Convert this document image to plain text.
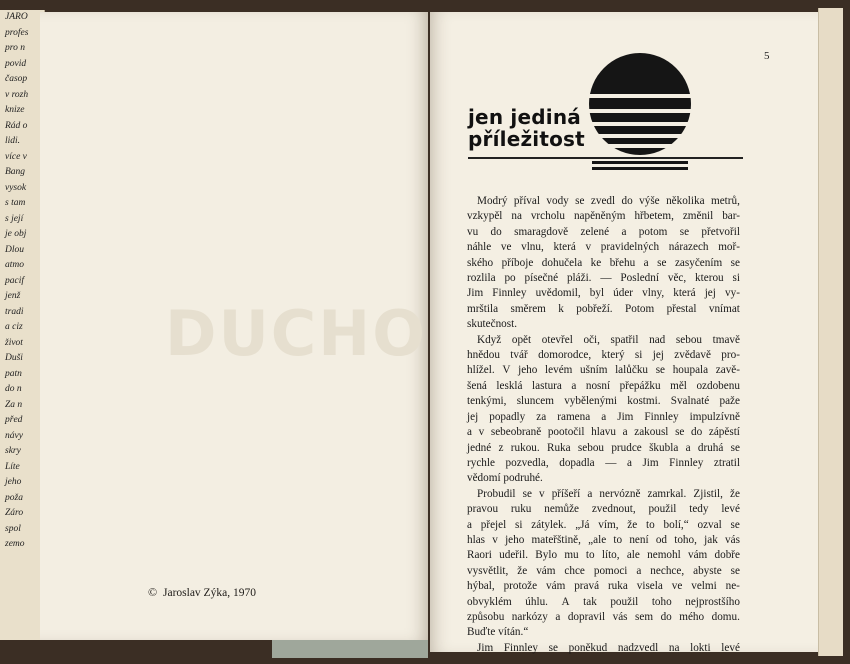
JARO
profes
pro n
povid
časop
v rozh
knize
Rád o
lidi.
více v
Bang
vysok
s tam
s její
je obj
Dlou
atmo
pacif
jenž
tradi
a ciz
život
Duši
patn
do n
Za n
před
návy
skry
Líte
jeho
poža
Záro
spol
zemo
DUCHO
© Jaroslav Zýka, 1970
5
jen jediná
příležitost
Modrý příval vody se zvedl do výše několika metrů,
vzkypěl na vrcholu napěněným hřbetem, změnil bar-
vu do smaragdově zelené a potom se přetvořil
náhle ve vlnu, která v pravidelných nárazech moř-
ského příboje dohučela ke břehu a se zasyčením se
rozlila po písečné pláži. — Poslední věc, kterou si
Jim Finnley uvědomil, byl úder vlny, která jej vy-
mrštila směrem k pobřeží. Potom přestal vnímat
skutečnost.
Když opět otevřel oči, spatřil nad sebou tmavě
hnědou tvář domorodce, který si jej zvědavě pro-
hlížel. V jeho levém ušním lalůčku se houpala zavě-
šená lesklá lastura a nosní přepážku měl ozdobenu
tenkými, sluncem vybělenými kostmi. Svalnaté paže
jej popadly za ramena a Jim Finnley impulzívně
a v sebeobraně pootočil hlavu a zakousl se do zápěstí
jedné z rukou. Ruka sebou prudce škubla a druhá se
rychle pozvedla, dopadla — a Jim Finnley ztratil
vědomí podruhé.
Probudil se v příšeří a nervózně zamrkal. Zjistil, že
pravou ruku nemůže zvednout, použil tedy levé
a přejel si zátylek. „Já vím, že to bolí,“ ozval se
hlas v jeho mateřštině, „ale to není od toho, jak vás
Raori udeřil. Bylo mu to líto, ale nemohl vám dobře
vysvětlit, že vám chce pomoci a nechce, abyste se
hýbal, protože vám pravá ruka visela ve velmi ne-
obvyklém úhlu. A tak použil toho nejprostšího
způsobu narkózy a dopravil vás sem do mého domu.
Buďte vítán.“
Jim Finnley se poněkud nadzvedl na lokti levé
